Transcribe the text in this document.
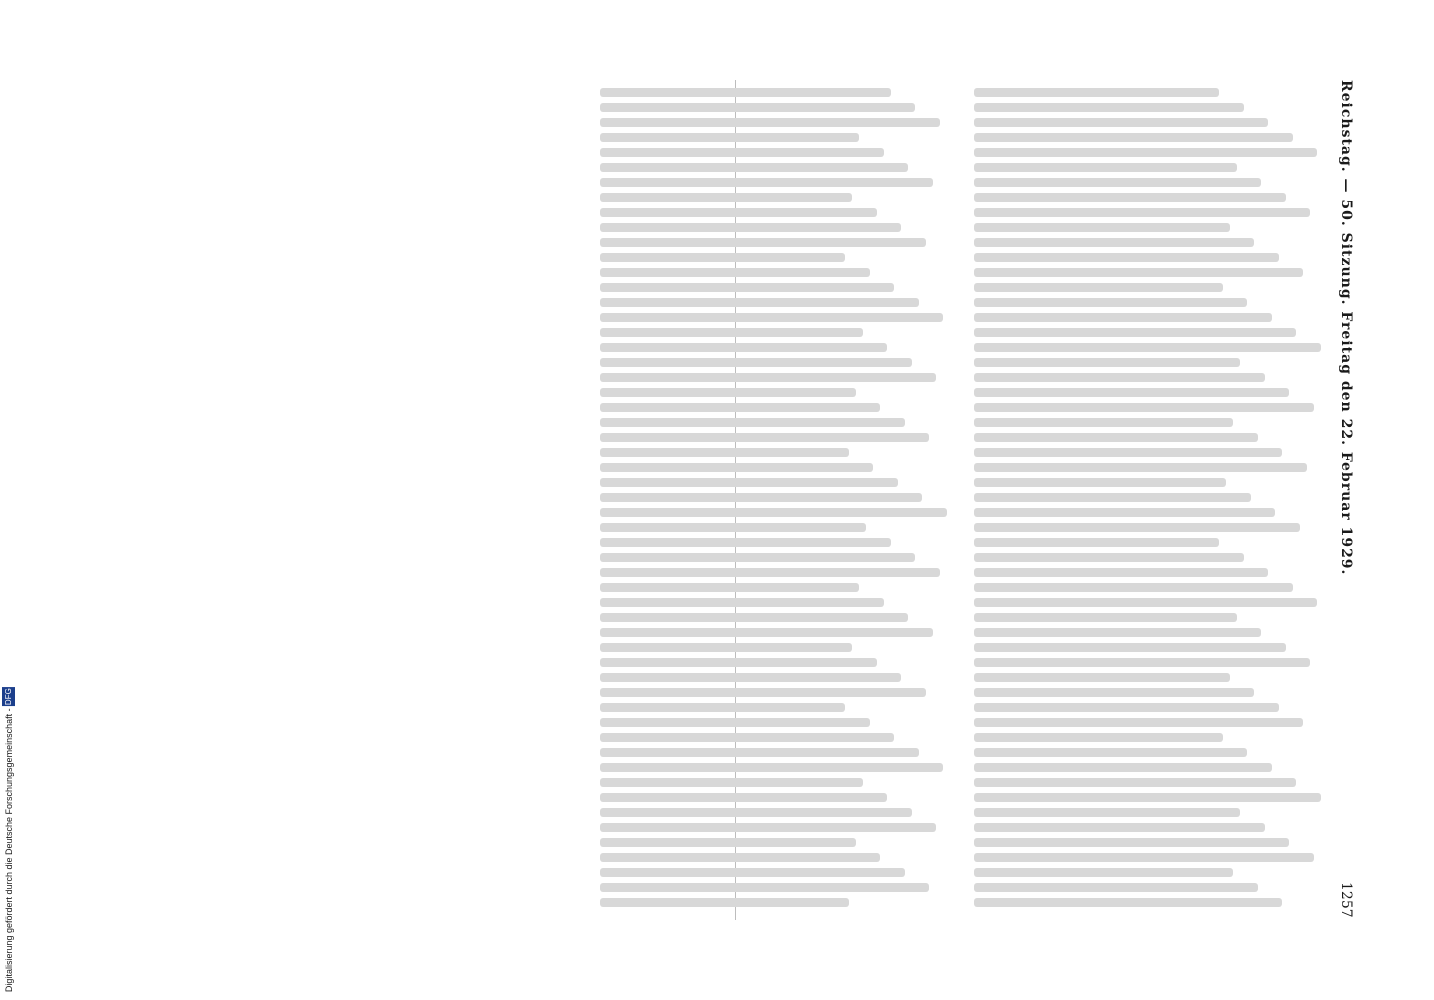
Digitalisierung gefördert durch die Deutsche Forschungsgemeinschaft - DFG
Reichstag. — 50. Sitzung. Freitag den 22. Februar 1929.
1257
